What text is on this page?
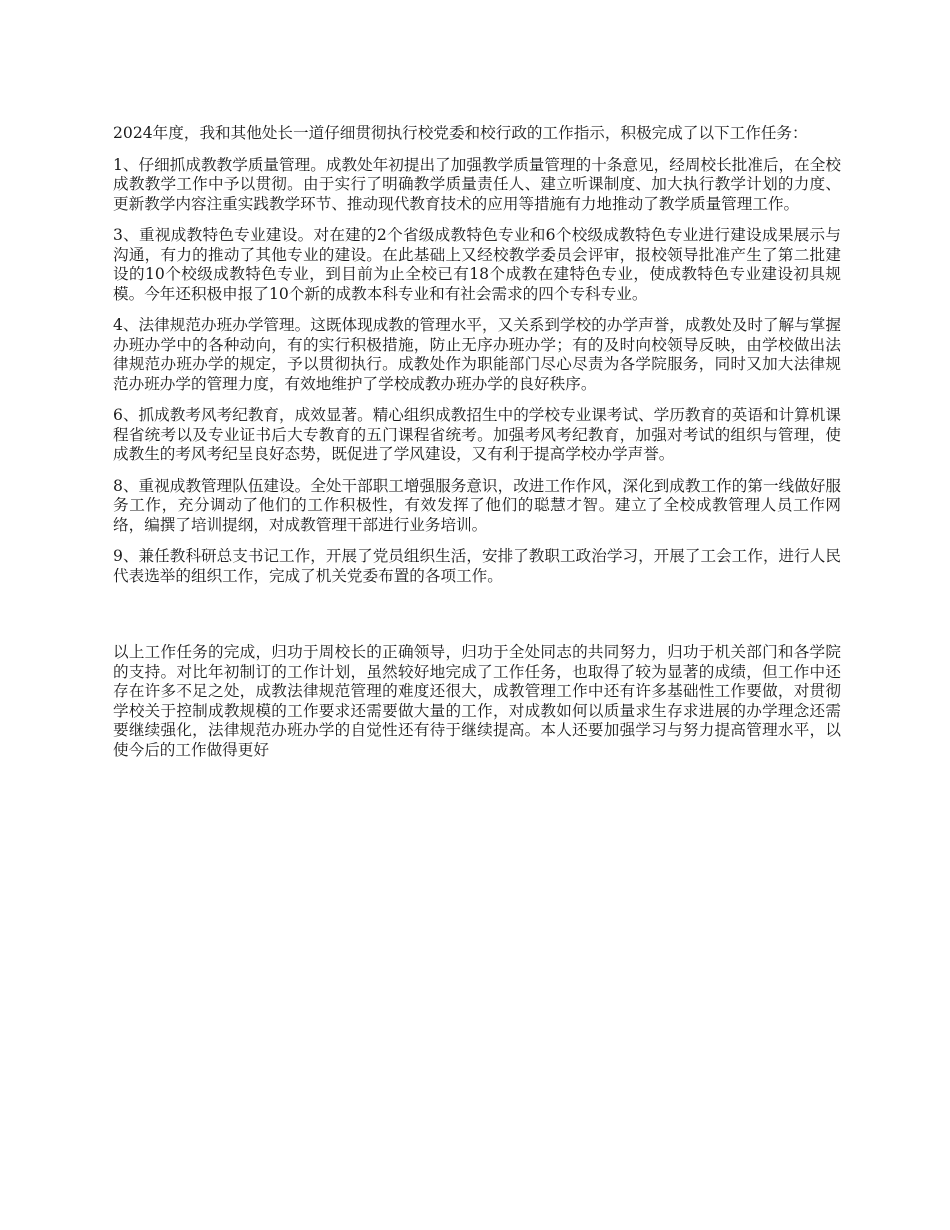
2024年度，我和其他处长一道仔细贯彻执行校党委和校行政的工作指示，积极完成了以下工作任务：

1、仔细抓成教教学质量管理。成教处年初提出了加强教学质量管理的十条意见，经周校长批准后，在全校成教教学工作中予以贯彻。由于实行了明确教学质量责任人、建立听课制度、加大执行教学计划的力度、更新教学内容注重实践教学环节、推动现代教育技术的应用等措施有力地推动了教学质量管理工作。

3、重视成教特色专业建设。对在建的2个省级成教特色专业和6个校级成教特色专业进行建设成果展示与沟通，有力的推动了其他专业的建设。在此基础上又经校教学委员会评审，报校领导批准产生了第二批建设的10个校级成教特色专业，到目前为止全校已有18个成教在建特色专业，使成教特色专业建设初具规模。今年还积极申报了10个新的成教本科专业和有社会需求的四个专科专业。

4、法律规范办班办学管理。这既体现成教的管理水平，又关系到学校的办学声誉，成教处及时了解与掌握办班办学中的各种动向，有的实行积极措施，防止无序办班办学；有的及时向校领导反映，由学校做出法律规范办班办学的规定，予以贯彻执行。成教处作为职能部门尽心尽责为各学院服务，同时又加大法律规范办班办学的管理力度，有效地维护了学校成教办班办学的良好秩序。

6、抓成教考风考纪教育，成效显著。精心组织成教招生中的学校专业课考试、学历教育的英语和计算机课程省统考以及专业证书后大专教育的五门课程省统考。加强考风考纪教育，加强对考试的组织与管理，使成教生的考风考纪呈良好态势，既促进了学风建设，又有利于提高学校办学声誉。

8、重视成教管理队伍建设。全处干部职工增强服务意识，改进工作作风，深化到成教工作的第一线做好服务工作，充分调动了他们的工作积极性，有效发挥了他们的聪慧才智。建立了全校成教管理人员工作网络，编撰了培训提纲，对成教管理干部进行业务培训。

9、兼任教科研总支书记工作，开展了党员组织生活，安排了教职工政治学习，开展了工会工作，进行人民代表选举的组织工作，完成了机关党委布置的各项工作。

以上工作任务的完成，归功于周校长的正确领导，归功于全处同志的共同努力，归功于机关部门和各学院的支持。对比年初制订的工作计划，虽然较好地完成了工作任务，也取得了较为显著的成绩，但工作中还存在许多不足之处，成教法律规范管理的难度还很大，成教管理工作中还有许多基础性工作要做，对贯彻学校关于控制成教规模的工作要求还需要做大量的工作，对成教如何以质量求生存求进展的办学理念还需要继续强化，法律规范办班办学的自觉性还有待于继续提高。本人还要加强学习与努力提高管理水平，以使今后的工作做得更好
